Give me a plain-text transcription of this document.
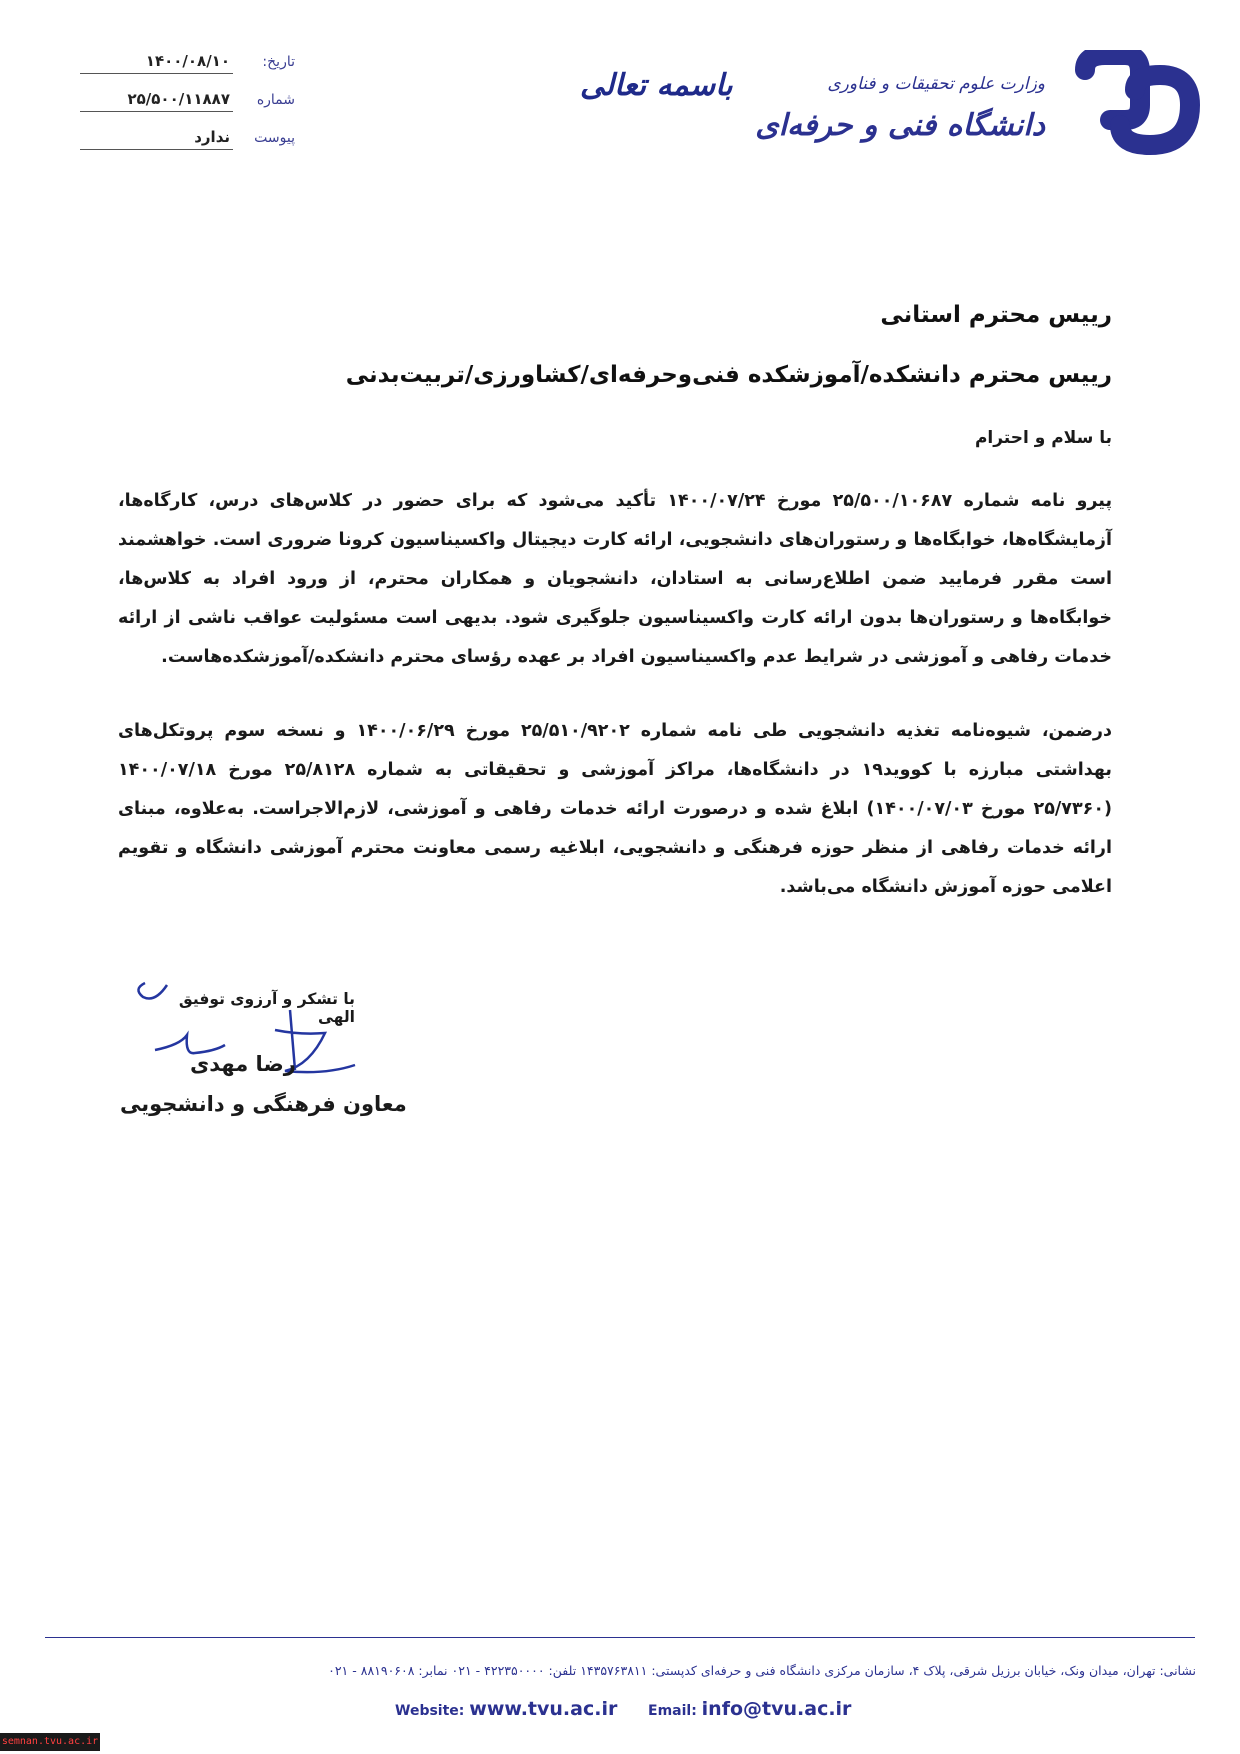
تاریخ:
۱۴۰۰/۰۸/۱۰
شماره
۲۵/۵۰۰/۱۱۸۸۷
پیوست
ندارد
باسمه تعالی	وزارت علوم تحقیقات و فناوری
دانشگاه فنی و حرفه‌ای
رییس محترم استانی
رییس محترم دانشکده/آموزشکده فنی‌وحرفه‌ای/کشاورزی/تربیت‌بدنی
با سلام و احترام

پیرو نامه شماره ۲۵/۵۰۰/۱۰۶۸۷ مورخ ۱۴۰۰/۰۷/۲۴ تأکید می‌شود که برای حضور در کلاس‌های درس، کارگاه‌ها، آزمایشگاه‌ها، خوابگاه‌ها و رستوران‌های دانشجویی، ارائه کارت دیجیتال واکسیناسیون کرونا ضروری است. خواهشمند است مقرر فرمایید ضمن اطلاع‌رسانی به استادان، دانشجویان و همکاران محترم، از ورود افراد به کلاس‌ها، خوابگاه‌ها و رستوران‌ها بدون ارائه کارت واکسیناسیون جلوگیری شود. بدیهی است مسئولیت عواقب ناشی از ارائه خدمات رفاهی و آموزشی در شرایط عدم واکسیناسیون افراد بر عهده رؤسای محترم دانشکده/آموزشکده‌هاست.

درضمن، شیوه‌نامه تغذیه دانشجویی طی نامه شماره ۲۵/۵۱۰/۹۲۰۲ مورخ ۱۴۰۰/۰۶/۲۹ و نسخه سوم پروتکل‌های بهداشتی مبارزه با کووید۱۹ در دانشگاه‌ها، مراکز آموزشی و تحقیقاتی به شماره ۲۵/۸۱۲۸ مورخ ۱۴۰۰/۰۷/۱۸ (۲۵/۷۳۶۰ مورخ ۱۴۰۰/۰۷/۰۳) ابلاغ شده و درصورت ارائه خدمات رفاهی و آموزشی، لازم‌الاجراست. به‌علاوه، مبنای ارائه خدمات رفاهی از منظر حوزه فرهنگی و دانشجویی، ابلاغیه رسمی معاونت محترم آموزشی دانشگاه و تقویم اعلامی حوزه آموزش دانشگاه می‌باشد.

با تشکر و آرزوی توفیق الهی
رضا مهدی
معاون فرهنگی و دانشجویی
نشانی: تهران، میدان ونک، خیابان برزیل شرقی، پلاک ۴، سازمان مرکزی دانشگاه فنی و حرفه‌ای کدپستی: ۱۴۳۵۷۶۳۸۱۱ تلفن: ۴۲۲۳۵۰۰۰۰ - ۰۲۱ نمابر: ۸۸۱۹۰۶۰۸ - ۰۲۱
Website: www.tvu.ac.ir Email: info@tvu.ac.ir
semnan.tvu.ac.ir
